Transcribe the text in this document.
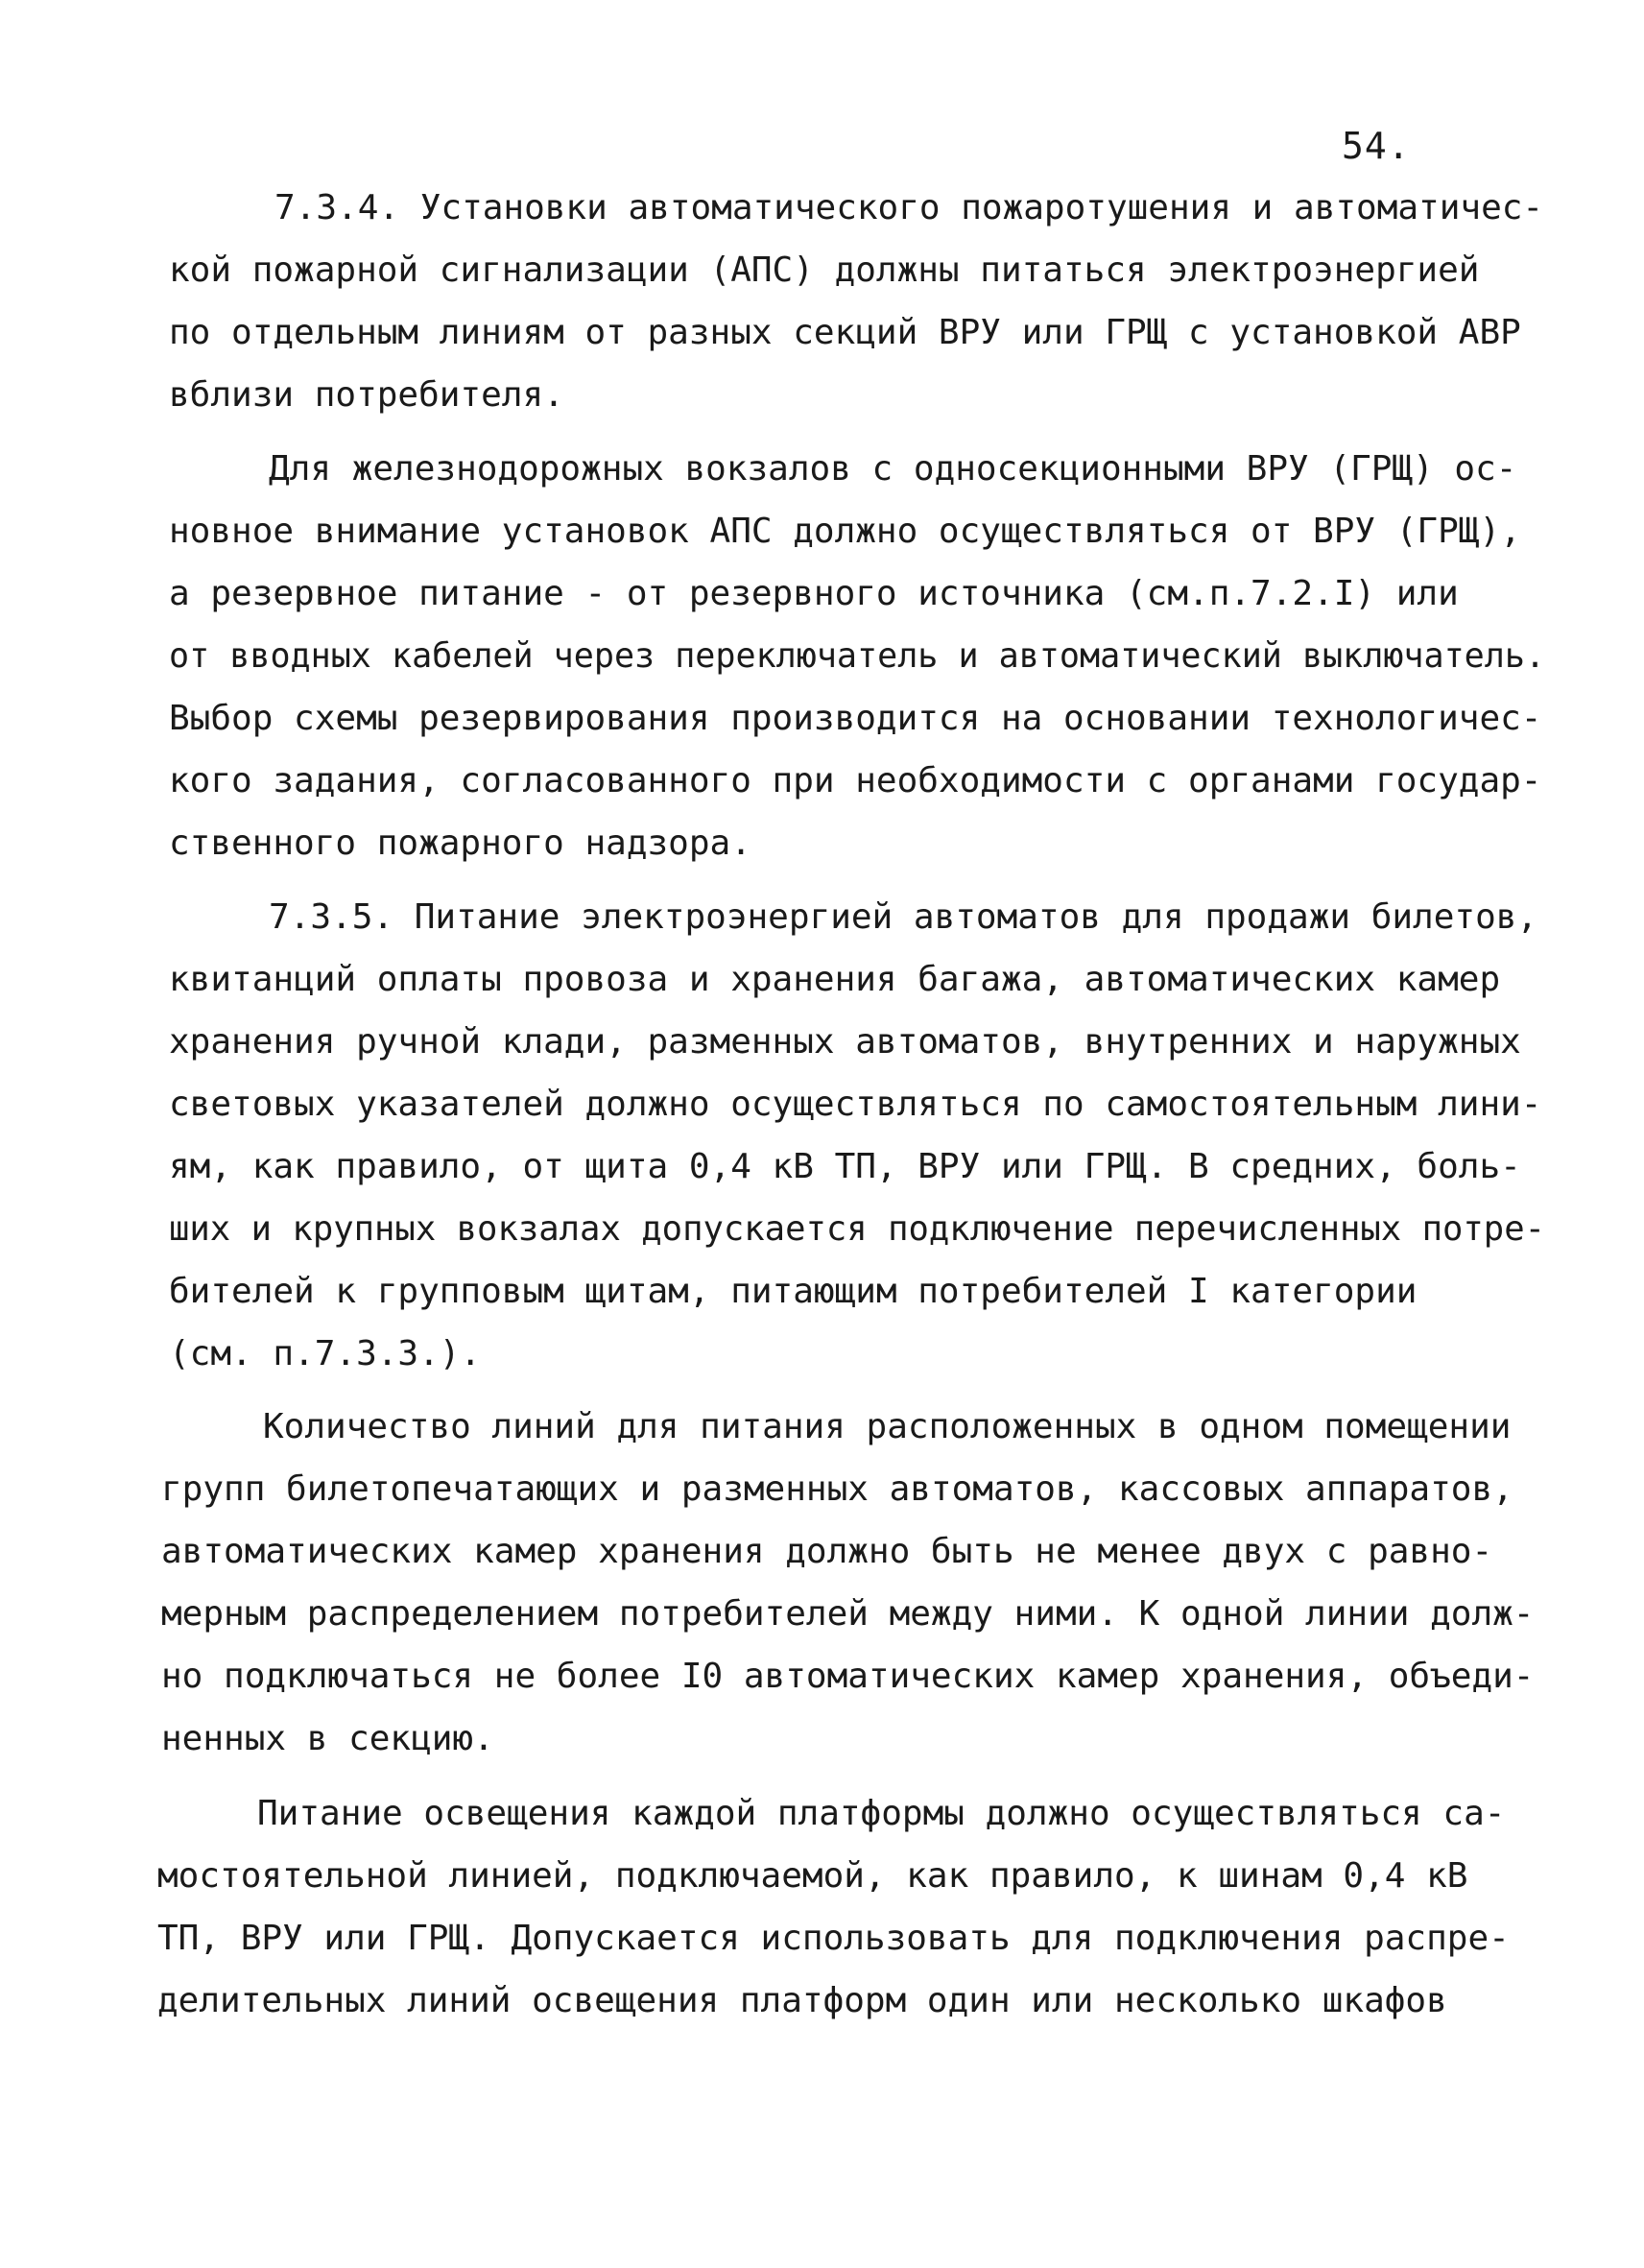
54.
7.3.4. Установки автоматического пожаротушения и автоматичес-
кой пожарной сигнализации (АПС) должны питаться электроэнергией
по отдельным линиям от разных секций ВРУ или ГРЩ с установкой АВР
вблизи потребителя.
Для железнодорожных вокзалов с односекционными ВРУ (ГРЩ) ос-
новное внимание установок АПС должно осуществляться от ВРУ (ГРЩ),
а резервное питание - от резервного источника (см.п.7.2.I) или
от вводных кабелей через переключатель и автоматический выключатель.
Выбор схемы резервирования производится на основании технологичес-
кого задания, согласованного при необходимости с органами государ-
ственного пожарного надзора.
7.3.5. Питание электроэнергией автоматов для продажи билетов,
квитанций оплаты провоза и хранения багажа, автоматических камер
хранения ручной клади, разменных автоматов, внутренних и наружных
световых указателей должно осуществляться по самостоятельным лини-
ям, как правило, от щита 0,4 кВ ТП, ВРУ или ГРЩ. В средних, боль-
ших и крупных вокзалах допускается подключение перечисленных потре-
бителей к групповым щитам, питающим потребителей I категории
(см. п.7.3.3.).
Количество линий для питания расположенных в одном помещении
групп билетопечатающих и разменных автоматов, кассовых аппаратов,
автоматических камер хранения должно быть не менее двух с равно-
мерным распределением потребителей между ними. К одной линии долж-
но подключаться не более I0 автоматических камер хранения, объеди-
ненных в секцию.
Питание освещения каждой платформы должно осуществляться са-
мостоятельной линией, подключаемой, как правило, к шинам 0,4 кВ
ТП, ВРУ или ГРЩ. Допускается использовать для подключения распре-
делительных линий освещения платформ один или несколько шкафов
